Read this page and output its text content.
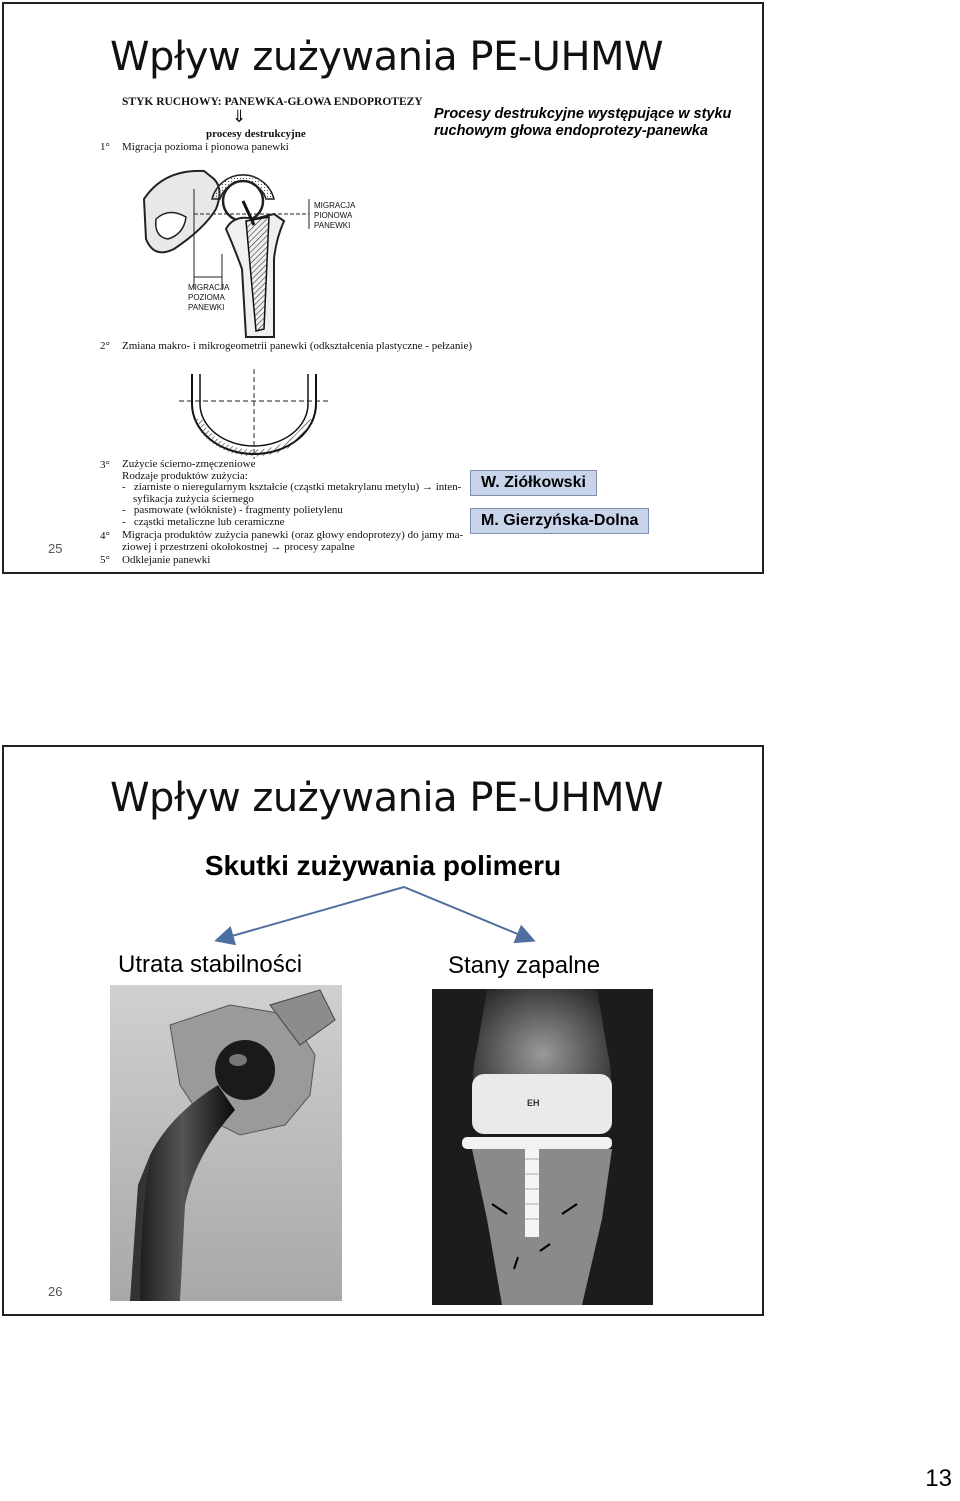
Wpływ zużywania PE-UHMW
STYK RUCHOWY: PANEWKA-GŁOWA ENDOPROTEZY
⇓
procesy destrukcyjne
1° Migracja pozioma i pionowa panewki
MIGRACJA
PIONOWA
PANEWKI
MIGRACJA
POZIOMA
PANEWKI
2° Zmiana makro- i mikrogeometrii panewki (odkształcenia plastyczne - pełzanie)
3° Zużycie ścierno-zmęczeniowe
Rodzaje produktów zużycia:
-   ziarniste o nieregularnym kształcie (cząstki metakrylanu metylu) → inten-
syfikacja zużycia ściernego
-   pasmowate (włókniste) - fragmenty polietylenu
-   cząstki metaliczne lub ceramiczne
4° Migracja produktów zużycia panewki (oraz głowy endoprotezy) do jamy ma-
ziowej i przestrzeni okołokostnej → procesy zapalne
5° Odklejanie panewki
Procesy destrukcyjne występujące w styku ruchowym głowa endoprotezy-panewka
W. Ziółkowski
M. Gierzyńska-Dolna
25
Wpływ zużywania PE-UHMW
Skutki zużywania polimeru
Utrata stabilności	Stany zapalne
EH
26
13
